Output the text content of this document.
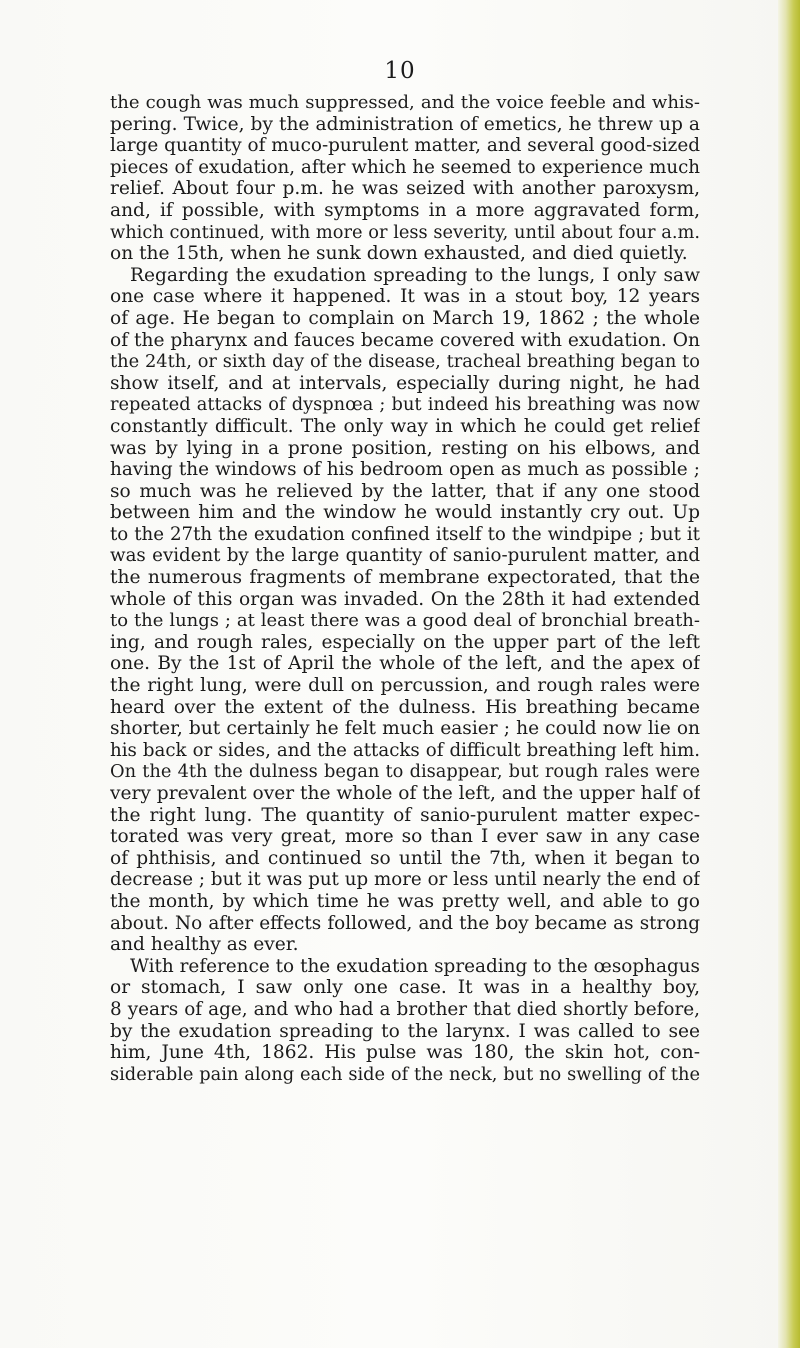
10
the cough was much suppressed, and the voice feeble and whis-
pering. Twice, by the administration of emetics, he threw up a
large quantity of muco-purulent matter, and several good-sized
pieces of exudation, after which he seemed to experience much
relief. About four p.m. he was seized with another paroxysm,
and, if possible, with symptoms in a more aggravated form,
which continued, with more or less severity, until about four a.m.
on the 15th, when he sunk down exhausted, and died quietly.
Regarding the exudation spreading to the lungs, I only saw
one case where it happened. It was in a stout boy, 12 years
of age. He began to complain on March 19, 1862 ; the whole
of the pharynx and fauces became covered with exudation. On
the 24th, or sixth day of the disease, tracheal breathing began to
show itself, and at intervals, especially during night, he had
repeated attacks of dyspnœa ; but indeed his breathing was now
constantly difficult. The only way in which he could get relief
was by lying in a prone position, resting on his elbows, and
having the windows of his bedroom open as much as possible ;
so much was he relieved by the latter, that if any one stood
between him and the window he would instantly cry out. Up
to the 27th the exudation confined itself to the windpipe ; but it
was evident by the large quantity of sanio-purulent matter, and
the numerous fragments of membrane expectorated, that the
whole of this organ was invaded. On the 28th it had extended
to the lungs ; at least there was a good deal of bronchial breath-
ing, and rough rales, especially on the upper part of the left
one. By the 1st of April the whole of the left, and the apex of
the right lung, were dull on percussion, and rough rales were
heard over the extent of the dulness. His breathing became
shorter, but certainly he felt much easier ; he could now lie on
his back or sides, and the attacks of difficult breathing left him.
On the 4th the dulness began to disappear, but rough rales were
very prevalent over the whole of the left, and the upper half of
the right lung. The quantity of sanio-purulent matter expec-
torated was very great, more so than I ever saw in any case
of phthisis, and continued so until the 7th, when it began to
decrease ; but it was put up more or less until nearly the end of
the month, by which time he was pretty well, and able to go
about. No after effects followed, and the boy became as strong
and healthy as ever.
With reference to the exudation spreading to the œsophagus
or stomach, I saw only one case. It was in a healthy boy,
8 years of age, and who had a brother that died shortly before,
by the exudation spreading to the larynx. I was called to see
him, June 4th, 1862. His pulse was 180, the skin hot, con-
siderable pain along each side of the neck, but no swelling of the
